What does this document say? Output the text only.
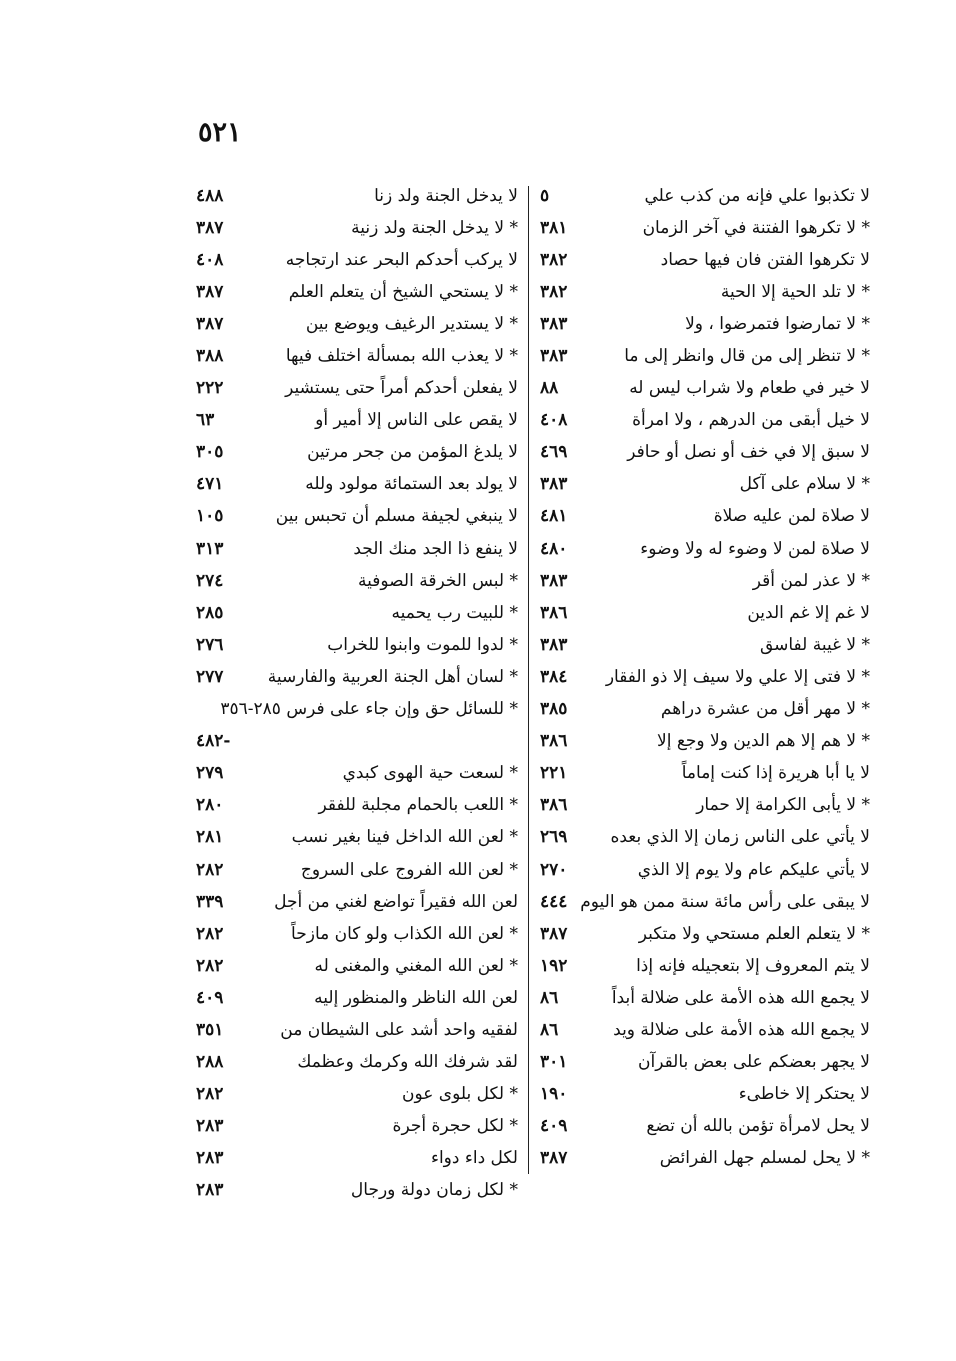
٥٢١
لا تكذبوا علي فإنه من كذب علي
٥
* لا تكرهوا الفتنة في آخر الزمان
٣٨١
لا تكرهوا الفتن فان فيها حصاد
٣٨٢
* لا تلد الحية إلا الحية
٣٨٢
* لا تمارضوا فتمرضوا ، ولا
٣٨٣
* لا تنظر إلى من قال وانظر إلى ما
٣٨٣
لا خير في طعام ولا شراب ليس له
٨٨
لا خيل أبقى من الدرهم ، ولا امرأة
٤٠٨
لا سبق إلا في خف أو نصل أو حافر
٤٦٩
* لا سلام على آكل
٣٨٣
لا صلاة لمن عليه صلاة
٤٨١
لا صلاة لمن لا وضوء له ولا وضوء
٤٨٠
* لا عذر لمن أقر
٣٨٣
لا غم إلا غم الدين
٣٨٦
* لا غيبة لفاسق
٣٨٣
* لا فتى إلا علي ولا سيف إلا ذو الفقار
٣٨٤
* لا مهر أقل من عشرة دراهم
٣٨٥
* لا هم إلا هم الدين ولا وجع إلا
٣٨٦
لا يا أبا هريرة إذا كنت إماماً
٢٢١
* لا يأبى الكرامة إلا حمار
٣٨٦
لا يأتي على الناس زمان إلا الذي بعده
٢٦٩
لا يأتي عليكم عام ولا يوم إلا الذي
٢٧٠
لا يبقى على رأس مائة سنة ممن هو اليوم
٤٤٤
* لا يتعلم العلم مستحي ولا متكبر
٣٨٧
لا يتم المعروف إلا بتعجيله فإنه إذا
١٩٢
لا يجمع الله هذه الأمة على ضلالة أبداً
٨٦
لا يجمع الله هذه الأمة على ضلالة ويد
٨٦
لا يجهر بعضكم على بعض بالقرآن
٣٠١
لا يحتكر إلا خاطىء
١٩٠
لا يحل لامرأة تؤمن بالله أن تضع
٤٠٩
* لا يحل لمسلم جهل الفرائض
٣٨٧
لا يدخل الجنة ولد زنا
٤٨٨
* لا يدخل الجنة ولد زنية
٣٨٧
لا يركب أحدكم البحر عند ارتجاجه
٤٠٨
* لا يستحي الشيخ أن يتعلم العلم
٣٨٧
* لا يستدير الرغيف ويوضع بين
٣٨٧
* لا يعذب الله بمسألة اختلف فيها
٣٨٨
لا يفعلن أحدكم أمراً حتى يستشير
٢٢٢
لا يقص على الناس إلا أمير أو
٦٣
لا يلدغ المؤمن من جحر مرتين
٣٠٥
لا يولد بعد الستمائة مولود ولله
٤٧١
لا ينبغي لجيفة مسلم أن تحبس بين
١٠٥
لا ينفع ذا الجد منك الجد
٣١٣
* لبس الخرقة الصوفية
٢٧٤
* للبيت رب يحميه
٢٨٥
* لدوا للموت وابنوا للخراب
٢٧٦
* لسان أهل الجنة العربية والفارسية
٢٧٧
* للسائل حق وإن جاء على فرس ٢٨٥-٣٥٦
-٤٨٢
* لسعت حية الهوى كبدي
٢٧٩
* اللعب بالحمام مجلبة للفقر
٢٨٠
* لعن الله الداخل فينا بغير نسب
٢٨١
* لعن الله الفروج على السروج
٢٨٢
لعن الله فقيراً تواضع لغني من أجل
٣٣٩
* لعن الله الكذاب ولو كان مازحاً
٢٨٢
* لعن الله المغني والمغنى له
٢٨٢
لعن الله الناظر والمنظور إليه
٤٠٩
لفقيه واحد أشد على الشيطان من
٣٥١
لقد شرفك الله وكرمك وعظمك
٢٨٨
* لكل بلوى عون
٢٨٢
* لكل حجرة أجرة
٢٨٣
لكل داء دواء
٢٨٣
* لكل زمان دولة ورجال
٢٨٣
